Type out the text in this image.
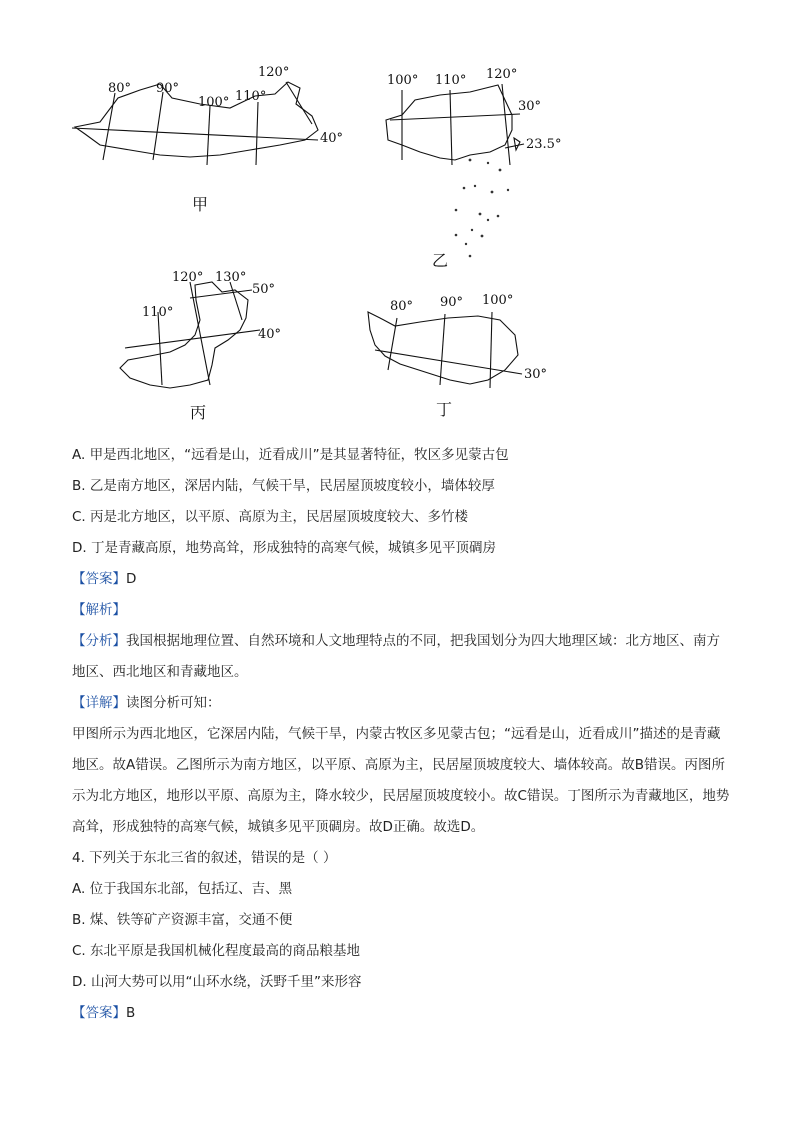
80° 90°
100° 110°
120°
40°
甲
100° 110° 120°
30°
23.5°
乙
120° 130°
110°
50°
40°
丙
80° 90° 100°
30°
丁
A. 甲是西北地区，“远看是山，近看成川”是其显著特征，牧区多见蒙古包
B. 乙是南方地区，深居内陆，气候干旱，民居屋顶坡度较小，墙体较厚
C. 丙是北方地区，以平原、高原为主，民居屋顶坡度较大、多竹楼
D. 丁是青藏高原，地势高耸，形成独特的高寒气候，城镇多见平顶碉房
【答案】D
【解析】
【分析】我国根据地理位置、自然环境和人文地理特点的不同，把我国划分为四大地理区域：北方地区、南方地区、西北地区和青藏地区。
【详解】读图分析可知：
甲图所示为西北地区，它深居内陆，气候干旱，内蒙古牧区多见蒙古包；“远看是山，近看成川”描述的是青藏地区。故A错误。乙图所示为南方地区，以平原、高原为主，民居屋顶坡度较大、墙体较高。故B错误。丙图所示为北方地区，地形以平原、高原为主，降水较少，民居屋顶坡度较小。故C错误。丁图所示为青藏地区，地势高耸，形成独特的高寒气候，城镇多见平顶碉房。故D正确。故选D。
4. 下列关于东北三省的叙述，错误的是（ ）
A. 位于我国东北部，包括辽、吉、黑
B. 煤、铁等矿产资源丰富，交通不便
C. 东北平原是我国机械化程度最高的商品粮基地
D. 山河大势可以用“山环水绕，沃野千里”来形容
【答案】B
